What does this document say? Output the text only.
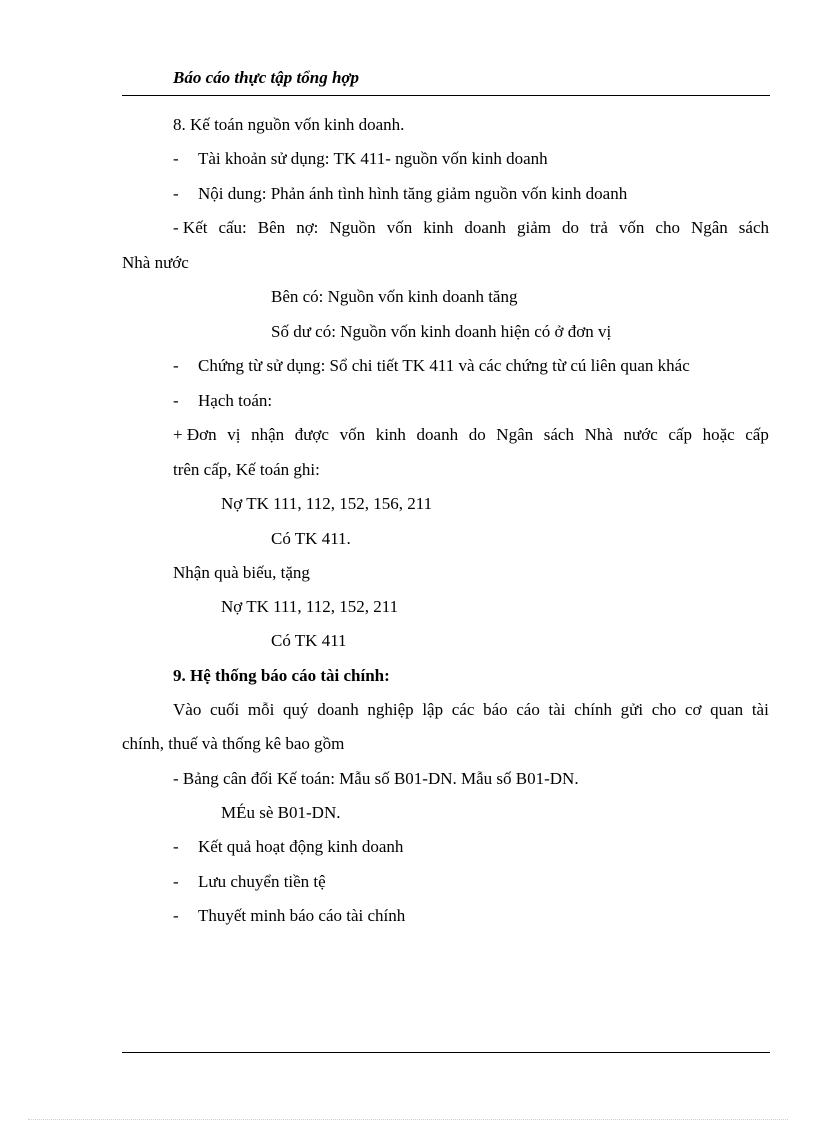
Báo cáo thực tập tổng hợp
8. Kế toán nguồn vốn kinh doanh.
- Tài khoản sử dụng: TK 411- nguồn vốn kinh doanh
- Nội dung: Phản ánh tình hình tăng giảm nguồn vốn kinh doanh
- Kết cấu: Bên nợ: Nguồn vốn kinh doanh giảm do trả vốn cho Ngân sách
Nhà nước
Bên có: Nguồn vốn kinh doanh tăng
Số dư có: Nguồn vốn kinh doanh hiện có ở đơn vị
- Chứng từ sử dụng: Sổ chi tiết TK 411 và các chứng từ cú liên quan khác
- Hạch toán:
+ Đơn vị nhận được vốn kinh doanh do Ngân sách Nhà nước cấp hoặc cấp
trên cấp, Kế toán ghi:
Nợ TK 111, 112, 152, 156, 211
Có TK 411.
Nhận quà biếu, tặng
Nợ TK 111, 112, 152, 211
Có TK 411
9. Hệ thống báo cáo tài chính:
Vào cuối mỗi quý doanh nghiệp lập các báo cáo tài chính gửi cho cơ quan tài
chính, thuế và thống kê bao gồm
- Bảng cân đối Kế toán: Mẫu số B01-DN. Mẫu số B01-DN.
MÉu sè B01-DN.
- Kết quả hoạt động kinh doanh
- Lưu chuyển tiền tệ
- Thuyết minh báo cáo tài chính
